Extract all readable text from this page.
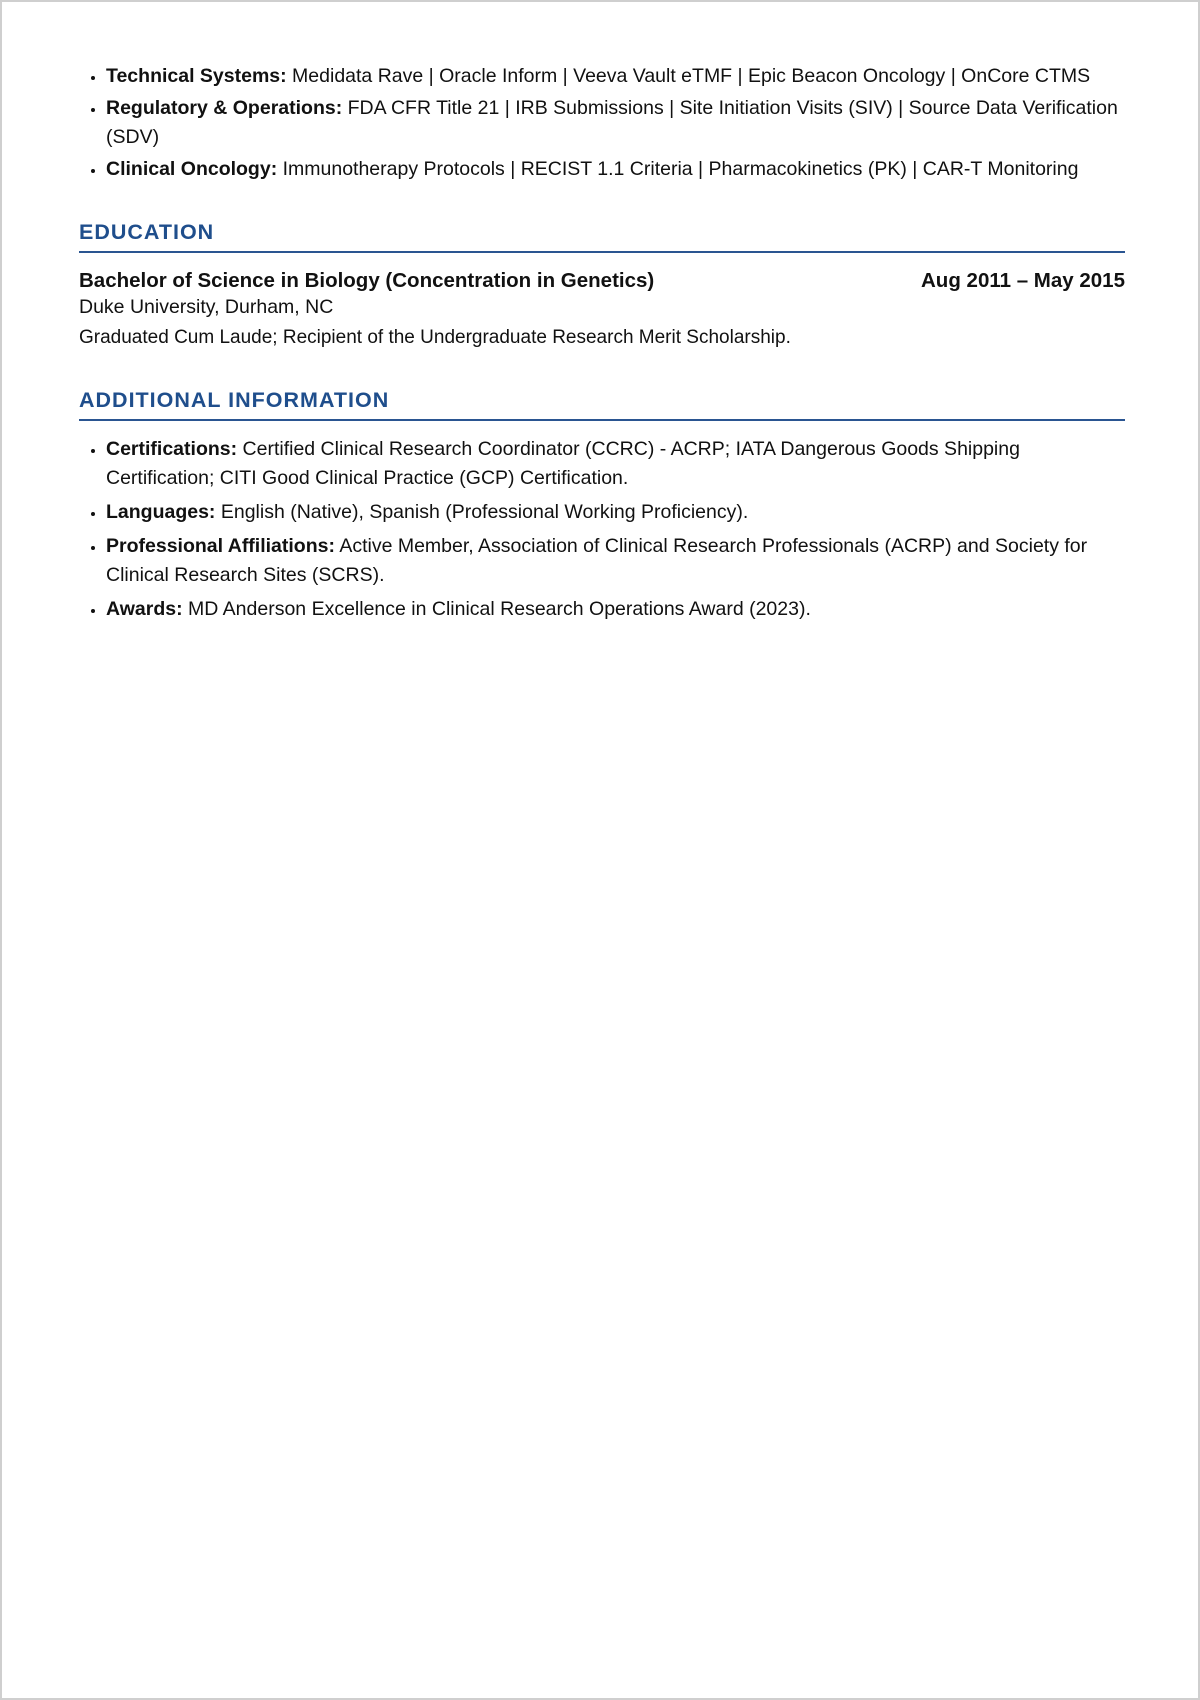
• Technical Systems: Medidata Rave | Oracle Inform | Veeva Vault eTMF | Epic Beacon Oncology | OnCore CTMS
• Regulatory & Operations: FDA CFR Title 21 | IRB Submissions | Site Initiation Visits (SIV) | Source Data Verification (SDV)
• Clinical Oncology: Immunotherapy Protocols | RECIST 1.1 Criteria | Pharmacokinetics (PK) | CAR-T Monitoring
EDUCATION
Bachelor of Science in Biology (Concentration in Genetics)	Aug 2011 – May 2015
Duke University, Durham, NC
Graduated Cum Laude; Recipient of the Undergraduate Research Merit Scholarship.
ADDITIONAL INFORMATION
• Certifications: Certified Clinical Research Coordinator (CCRC) - ACRP; IATA Dangerous Goods Shipping Certification; CITI Good Clinical Practice (GCP) Certification.
• Languages: English (Native), Spanish (Professional Working Proficiency).
• Professional Affiliations: Active Member, Association of Clinical Research Professionals (ACRP) and Society for Clinical Research Sites (SCRS).
• Awards: MD Anderson Excellence in Clinical Research Operations Award (2023).
